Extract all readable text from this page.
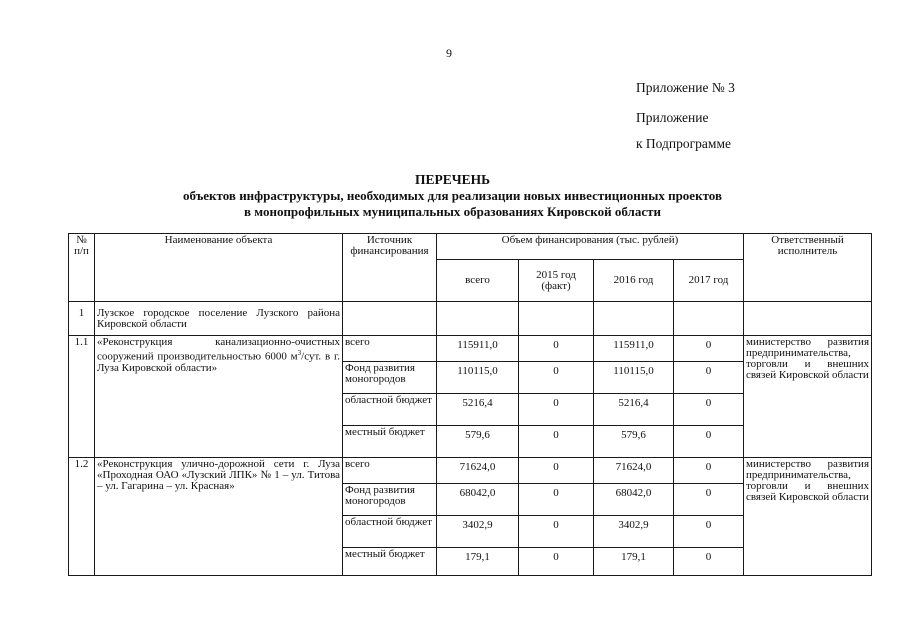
9
Приложение № 3
Приложение
к Подпрограмме
ПЕРЕЧЕНЬ
объектов инфраструктуры, необходимых для реализации новых инвестиционных проектов
в монопрофильных муниципальных образованиях Кировской области
№ п/п	Наименование объекта	Источник финансирования	Объем финансирования (тыс. рублей)				Ответственный исполнитель
			всего	2015 год (факт)	2016 год	2017 год	
1	Лузское городское поселение Лузского района Кировской области						
1.1	«Реконструкция канализационно-очистных сооружений производительностью 6000 $м^3$/сут. в г. Луза Кировской области»	всего	115911,0	0	115911,0	0	министерство развития предпринимательства, торговли и внешних связей Кировской области
		Фонд развития моногородов	110115,0	0	110115,0	0	
		областной бюджет	5216,4	0	5216,4	0	
		местный бюджет	579,6	0	579,6	0	
1.2	«Реконструкция улично-дорожной сети г. Луза «Проходная ОАО «Лузский ЛПК» № 1 – ул. Титова – ул. Гагарина – ул. Красная»	всего	71624,0	0	71624,0	0	министерство развития предпринимательства, торговли и внешних связей Кировской области
		Фонд развития моногородов	68042,0	0	68042,0	0	
		областной бюджет	3402,9	0	3402,9	0	
		местный бюджет	179,1	0	179,1	0	
